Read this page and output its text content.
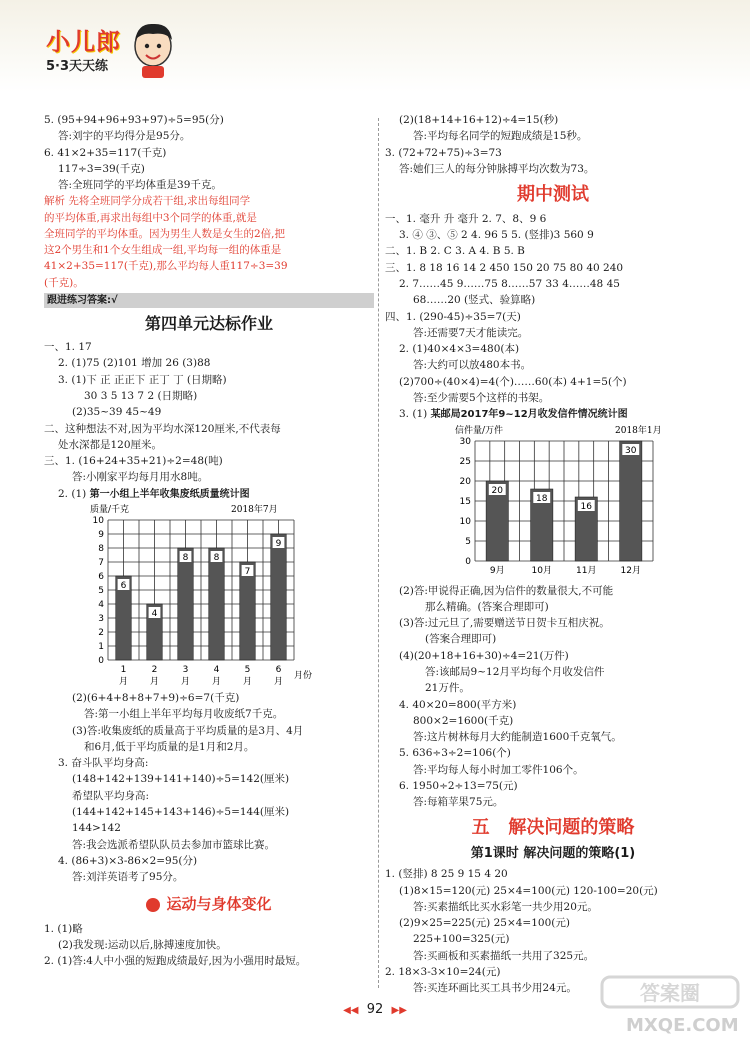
小儿郎
5·3天天练
5. (95+94+96+93+97)÷5=95(分)
答:刘宇的平均得分是95分。
6. 41×2+35=117(千克)
117÷3=39(千克)
答:全班同学的平均体重是39千克。
解析 先将全班同学分成若干组,求出每组同学
的平均体重,再求出每组中3个同学的体重,就是
全班同学的平均体重。因为男生人数是女生的2倍,把
这2个男生和1个女生组成一组,平均每一组的体重是
41×2+35=117(千克),那么平均每人重117÷3=39
(千克)。
跟进练习答案:√
第四单元达标作业
一、1. 17
2. (1)75 (2)101 增加 26 (3)88
3. (1)下 正 正正下 正丁 丁 (日期略)
30 3 5 13 7 2 (日期略)
(2)35~39 45~49
二、这种想法不对,因为平均水深120厘米,不代表每
处水深都是120厘米。
三、1. (16+24+35+21)÷2=48(吨)
答:小刚家平均每月用水8吨。
2. (1) 第一小组上半年收集废纸质量统计图
质量/千克	2018年7月
月份
0
1
2
3
4
5
6
7
8
9
10
6
1
月
4
2
月
8
3
月
8
4
月
7
5
月
9
6
月
(2)(6+4+8+8+7+9)÷6=7(千克)
答:第一小组上半年平均每月收废纸7千克。
(3)答:收集废纸的质量高于平均质量的是3月、4月
和6月,低于平均质量的是1月和2月。
3. 奋斗队平均身高:
(148+142+139+141+140)÷5=142(厘米)
希望队平均身高:
(144+142+145+143+146)÷5=144(厘米)
144>142
答:我会选派希望队队员去参加市篮球比赛。
4. (86+3)×3-86×2=95(分)
答:刘洋英语考了95分。
运动与身体变化
1. (1)略
(2)我发现:运动以后,脉搏速度加快。
2. (1)答:4人中小强的短跑成绩最好,因为小强用时最短。
(2)(18+14+16+12)÷4=15(秒)
答:平均每名同学的短跑成绩是15秒。
3. (72+72+75)÷3=73
答:她们三人的每分钟脉搏平均次数为73。
期中测试
一、1. 毫升 升 毫升 2. 7、8、9 6
3. ④ ③、⑤ 2 4. 96 5 5. (竖排)3 560 9
二、1. B 2. C 3. A 4. B 5. B
三、1. 8 18 16 14 2 450 150 20 75 80 40 240
2. 7……45 9……75 8……57 33 4……48 45
68……20 (竖式、验算略)
四、1. (290-45)÷35=7(天)
答:还需要7天才能读完。
2. (1)40×4×3=480(本)
答:大约可以放480本书。
(2)700÷(40×4)=4(个)……60(本) 4+1=5(个)
答:至少需要5个这样的书架。
3. (1) 某邮局2017年9~12月收发信件情况统计图
信件量/万件	2018年1月
0
5
10
15
20
25
30
20
9月
18
10月
16
11月
30
12月
(2)答:甲说得正确,因为信件的数量很大,不可能
那么精确。(答案合理即可)
(3)答:过元旦了,需要赠送节日贺卡互相庆祝。
(答案合理即可)
(4)(20+18+16+30)÷4=21(万件)
答:该邮局9~12月平均每个月收发信件
21万件。
4. 40×20=800(平方米)
800×2=1600(千克)
答:这片树林每月大约能制造1600千克氧气。
5. 636÷3÷2=106(个)
答:平均每人每小时加工零件106个。
6. 1950÷2÷13=75(元)
答:每箱苹果75元。
五 解决问题的策略
第1课时 解决问题的策略(1)
1. (竖排) 8 25 9 15 4 20
(1)8×15=120(元) 25×4=100(元) 120-100=20(元)
答:买素描纸比买水彩笔一共少用20元。
(2)9×25=225(元) 25×4=100(元)
225+100=325(元)
答:买画板和买素描纸一共用了325元。
2. 18×3-3×10=24(元)
答:买连环画比买工具书少用24元。
◀◀ 92 ▶▶
答案圈
MXQE.COM
